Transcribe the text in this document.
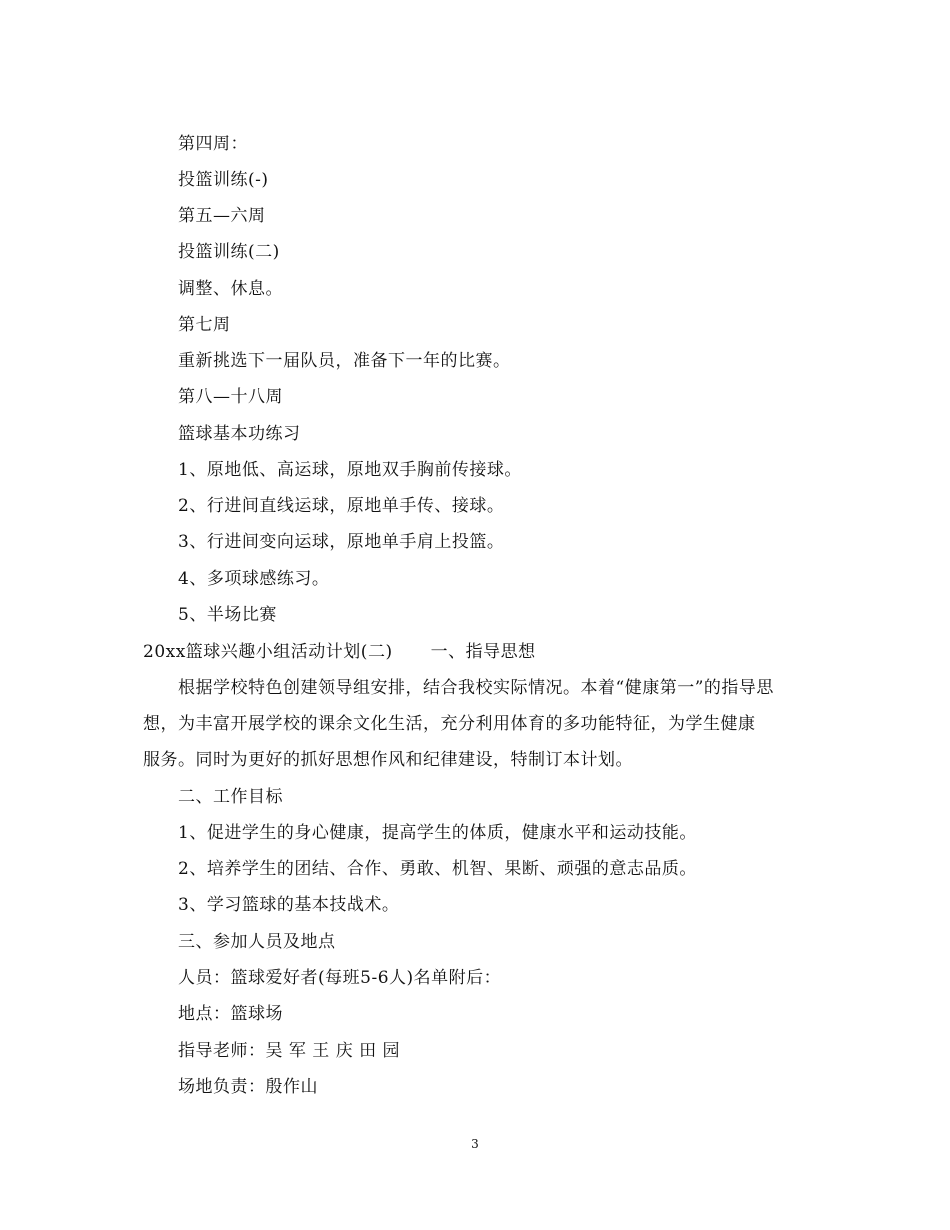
第四周：
投篮训练(-)
第五—六周
投篮训练(二)
调整、休息。
第七周
重新挑选下一届队员，准备下一年的比赛。
第八—十八周
篮球基本功练习
1、原地低、高运球，原地双手胸前传接球。
2、行进间直线运球，原地单手传、接球。
3、行进间变向运球，原地单手肩上投篮。
4、多项球感练习。
5、半场比赛
20xx篮球兴趣小组活动计划(二) 一、指导思想
根据学校特色创建领导组安排，结合我校实际情况。本着“健康第一”的指导思
想，为丰富开展学校的课余文化生活，充分利用体育的多功能特征，为学生健康
服务。同时为更好的抓好思想作风和纪律建设，特制订本计划。
二、工作目标
1、促进学生的身心健康，提高学生的体质，健康水平和运动技能。
2、培养学生的团结、合作、勇敢、机智、果断、顽强的意志品质。
3、学习篮球的基本技战术。
三、参加人员及地点
人员：篮球爱好者(每班5-6人)名单附后：
地点：篮球场
指导老师：吴 军 王 庆 田 园
场地负责：殷作山
3
